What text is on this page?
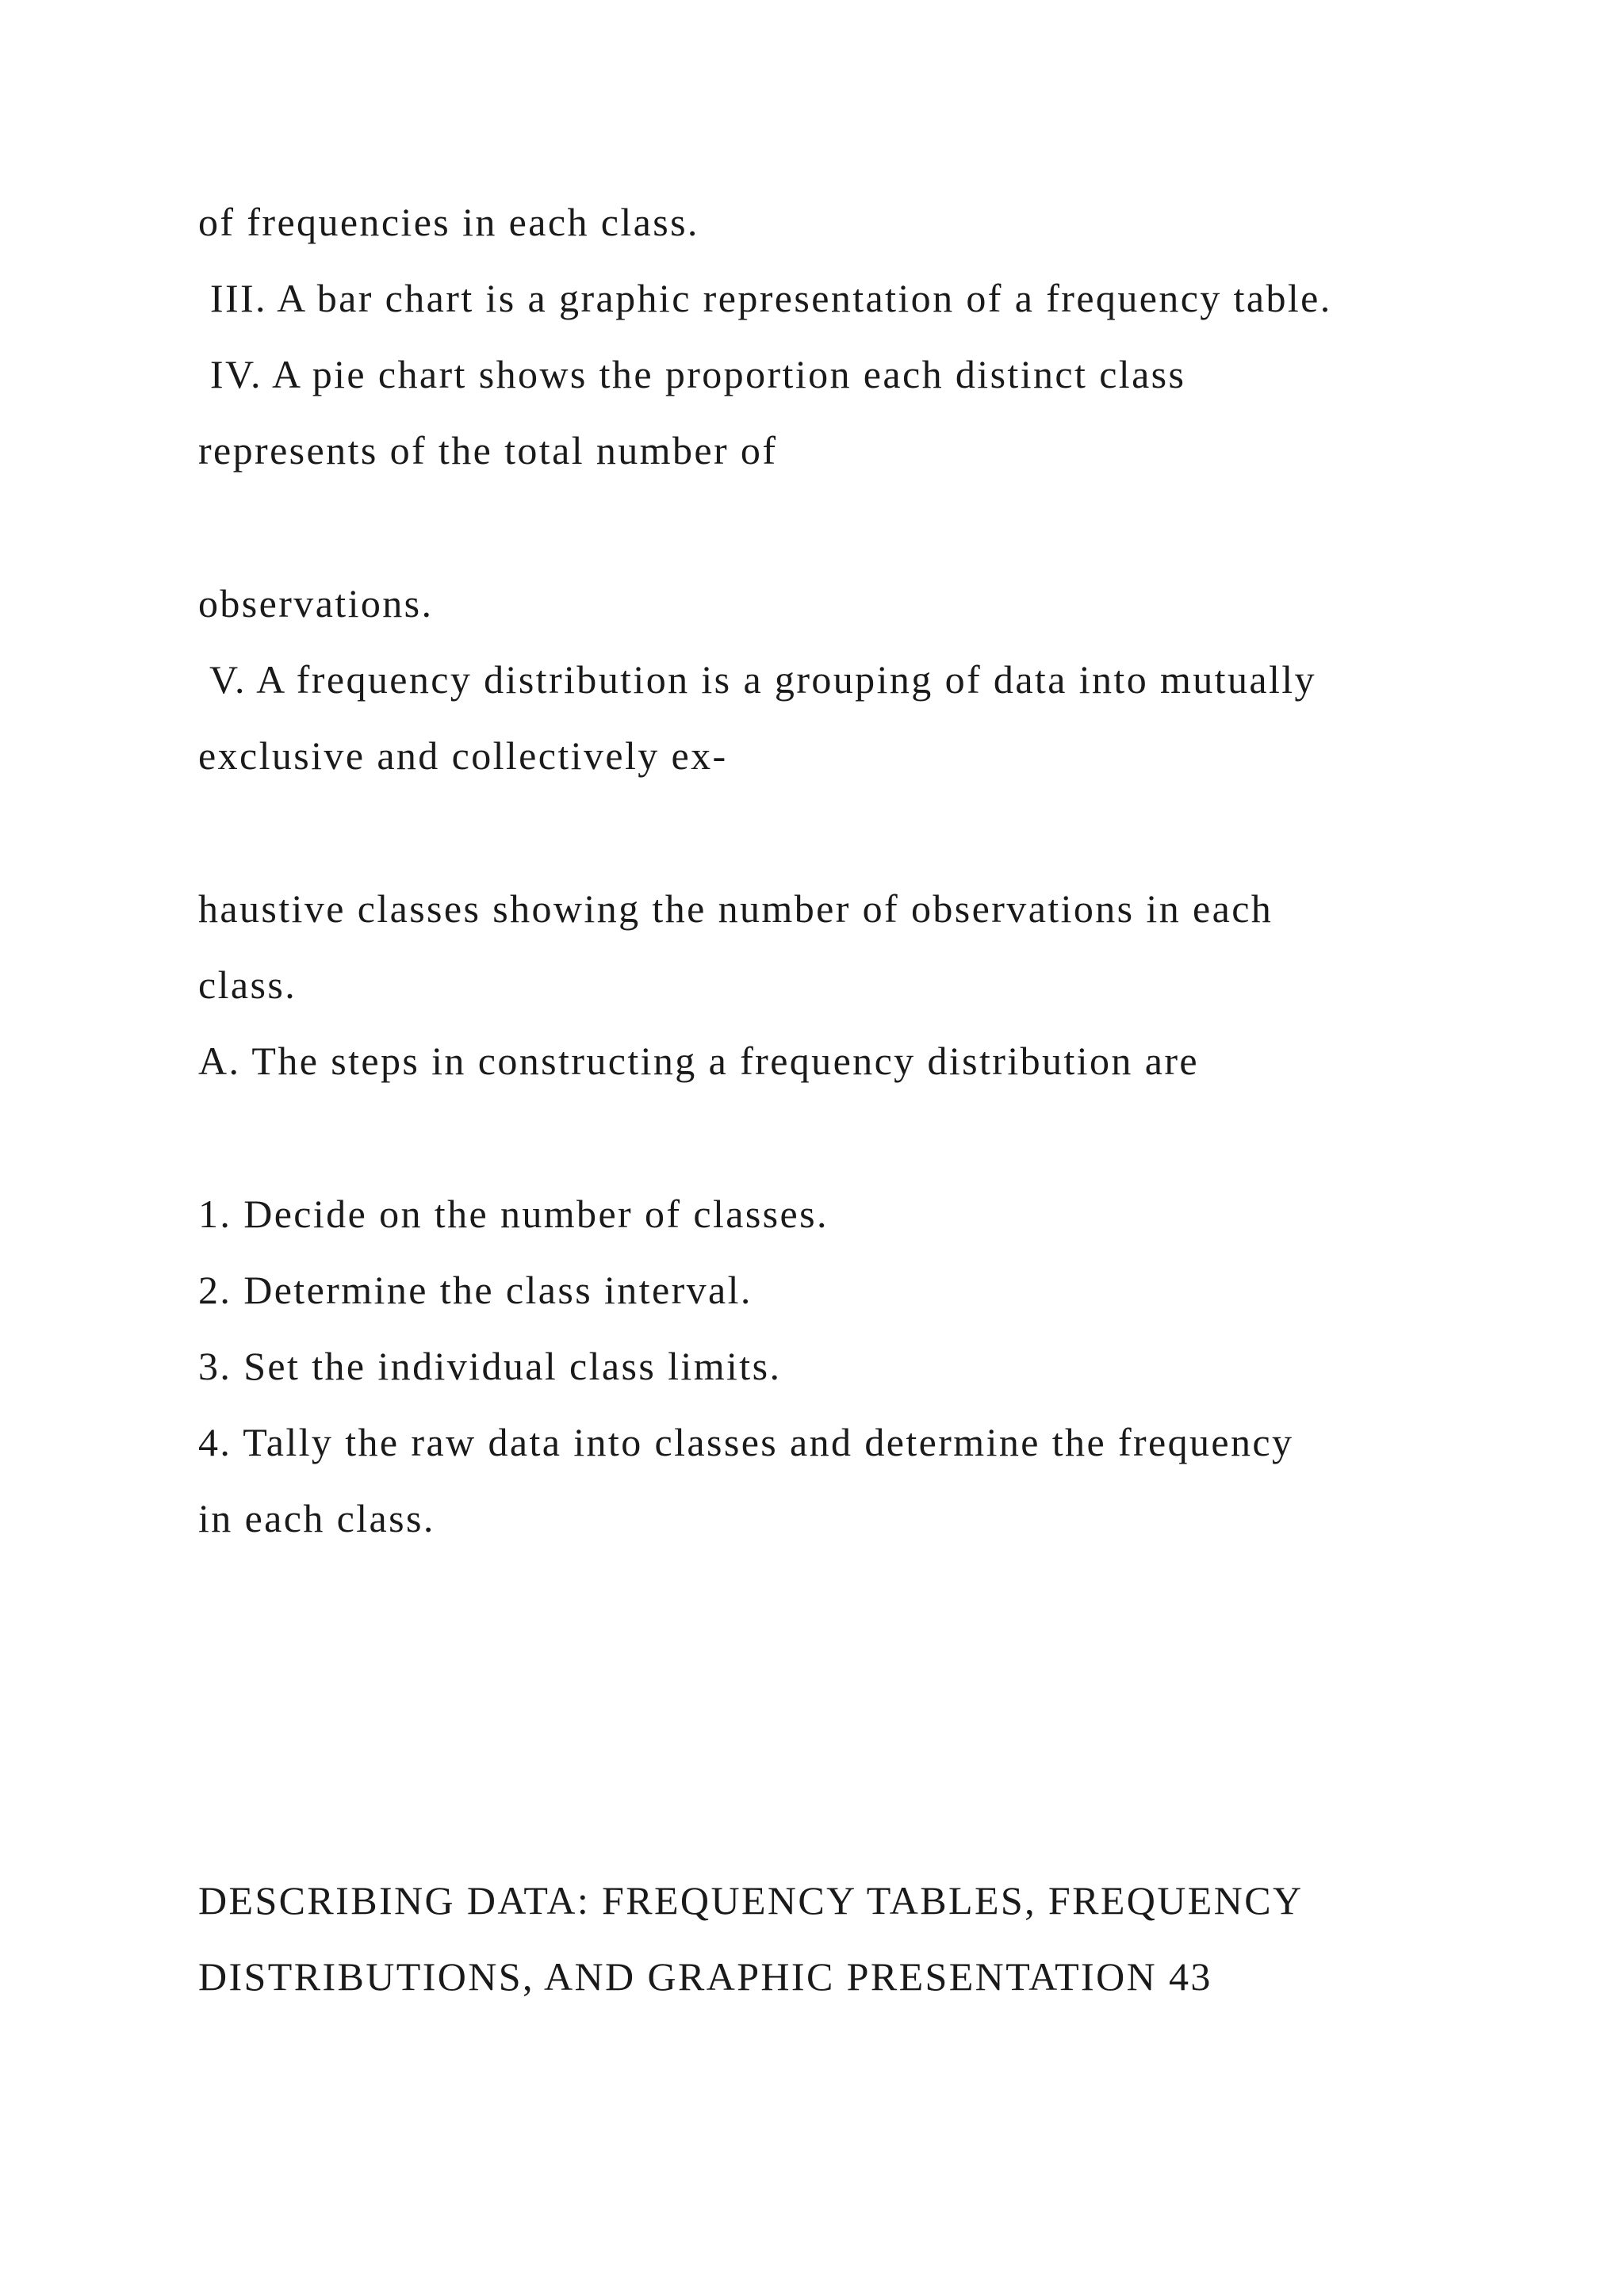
of frequencies in each class.

III. A bar chart is a graphic representation of a frequency table.

IV. A pie chart shows the proportion each distinct class

represents of the total number of

observations.

V. A frequency distribution is a grouping of data into mutually

exclusive and collectively ex-

haustive classes showing the number of observations in each

class.

A. The steps in constructing a frequency distribution are

1. Decide on the number of classes.

2. Determine the class interval.

3. Set the individual class limits.

4. Tally the raw data into classes and determine the frequency

in each class.

DESCRIBING DATA: FREQUENCY TABLES, FREQUENCY

DISTRIBUTIONS, AND GRAPHIC PRESENTATION 43
